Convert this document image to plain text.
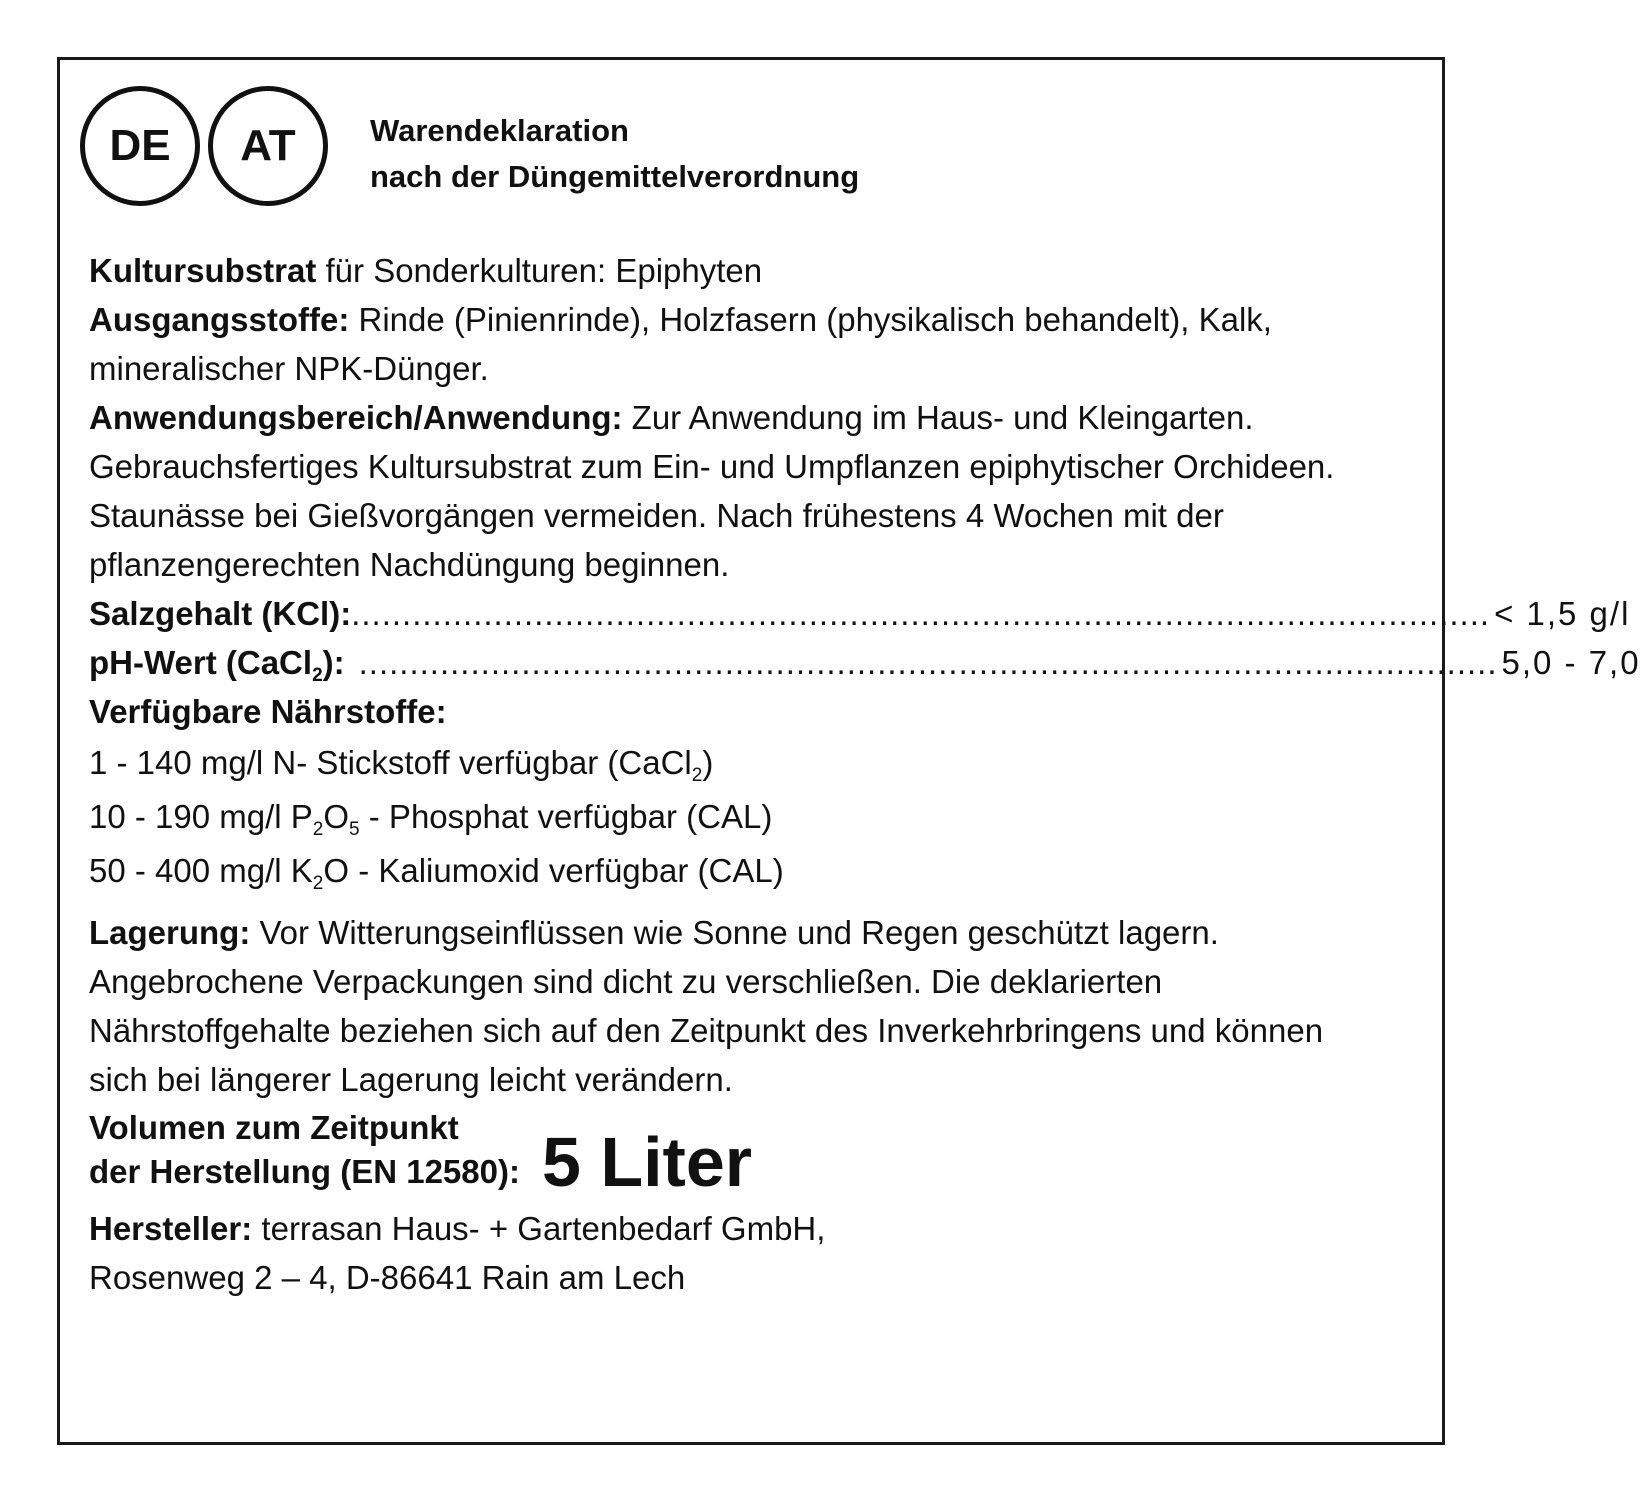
DE AT Warendeklaration
nach der Düngemittelverordnung
Kultursubstrat für Sonderkulturen: Epiphyten
Ausgangsstoffe: Rinde (Pinienrinde), Holzfasern (physikalisch behandelt), Kalk,
mineralischer NPK-Dünger.
Anwendungsbereich/Anwendung: Zur Anwendung im Haus- und Kleingarten.
Gebrauchsfertiges Kultursubstrat zum Ein- und Umpflanzen epiphytischer Orchideen.
Staunässe bei Gießvorgängen vermeiden. Nach frühestens 4 Wochen mit der
pflanzengerechten Nachdüngung beginnen.
Salzgehalt (KCl): ................................................................................................................ < 1,5 g/l
pH-Wert (CaCl$_2$): ................................................................................................................ 5,0 - 7,0
Verfügbare Nährstoffe:
1 - 140 mg/l N- Stickstoff verfügbar (CaCl$_2$)
10 - 190 mg/l $P_2O_5$ - Phosphat verfügbar (CAL)
50 - 400 mg/l $K_2O$ - Kaliumoxid verfügbar (CAL)
Lagerung: Vor Witterungseinflüssen wie Sonne und Regen geschützt lagern.
Angebrochene Verpackungen sind dicht zu verschließen. Die deklarierten
Nährstoffgehalte beziehen sich auf den Zeitpunkt des Inverkehrbringens und können
sich bei längerer Lagerung leicht verändern.
Volumen zum Zeitpunkt
der Herstellung (EN 12580): 5 Liter
Hersteller: terrasan Haus- + Gartenbedarf GmbH,
Rosenweg 2 – 4, D-86641 Rain am Lech
